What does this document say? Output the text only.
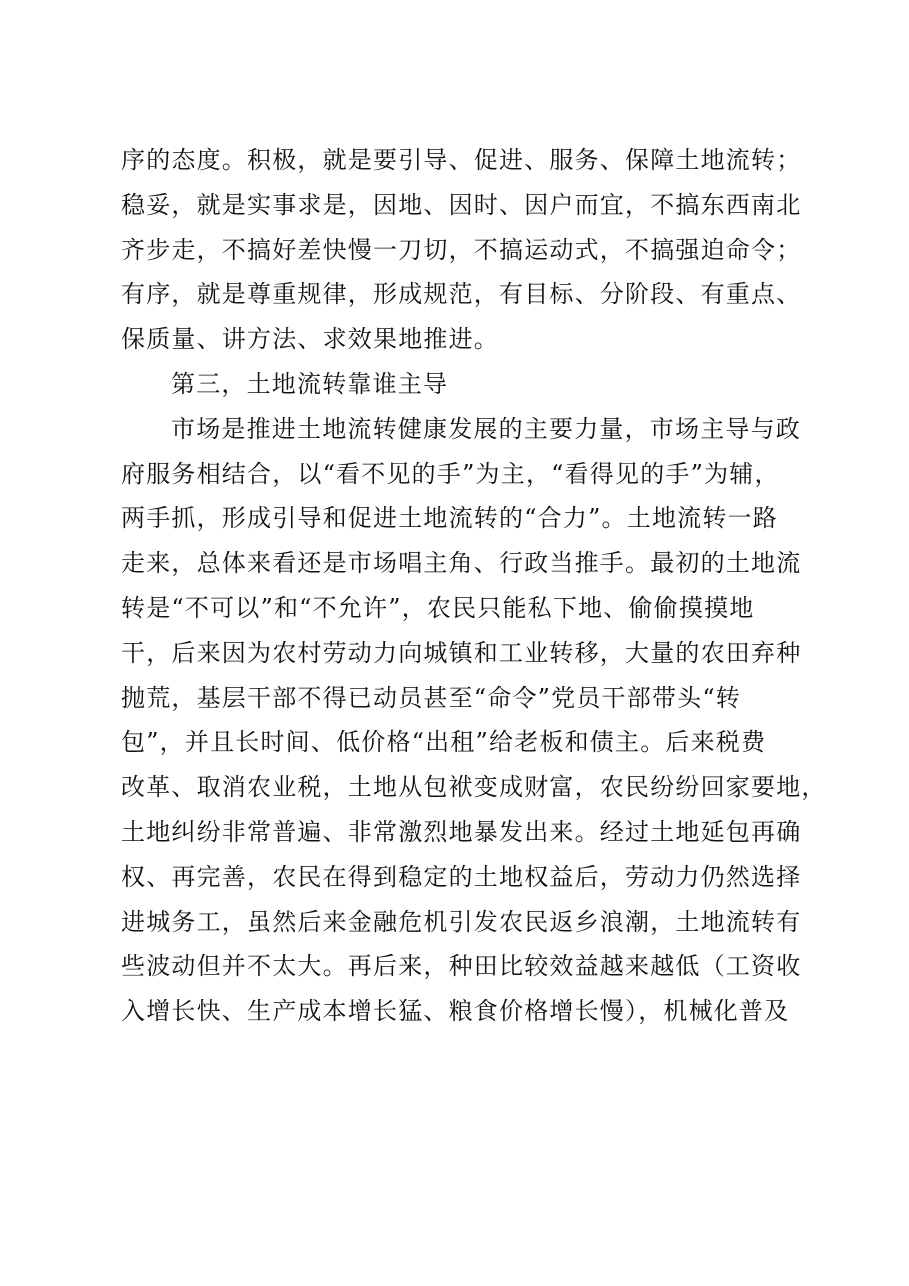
序的态度。积极，就是要引导、促进、服务、保障土地流转；
稳妥，就是实事求是，因地、因时、因户而宜，不搞东西南北
齐步走，不搞好差快慢一刀切，不搞运动式，不搞强迫命令；
有序，就是尊重规律，形成规范，有目标、分阶段、有重点、
保质量、讲方法、求效果地推进。
第三，土地流转靠谁主导
市场是推进土地流转健康发展的主要力量，市场主导与政
府服务相结合，以“看不见的手”为主，“看得见的手”为辅，
两手抓，形成引导和促进土地流转的“合力”。土地流转一路
走来，总体来看还是市场唱主角、行政当推手。最初的土地流
转是“不可以”和“不允许”，农民只能私下地、偷偷摸摸地
干，后来因为农村劳动力向城镇和工业转移，大量的农田弃种
抛荒，基层干部不得已动员甚至“命令”党员干部带头“转
包”，并且长时间、低价格“出租”给老板和债主。后来税费
改革、取消农业税，土地从包袱变成财富，农民纷纷回家要地，
土地纠纷非常普遍、非常激烈地暴发出来。经过土地延包再确
权、再完善，农民在得到稳定的土地权益后，劳动力仍然选择
进城务工，虽然后来金融危机引发农民返乡浪潮，土地流转有
些波动但并不太大。再后来，种田比较效益越来越低（工资收
入增长快、生产成本增长猛、粮食价格增长慢），机械化普及
